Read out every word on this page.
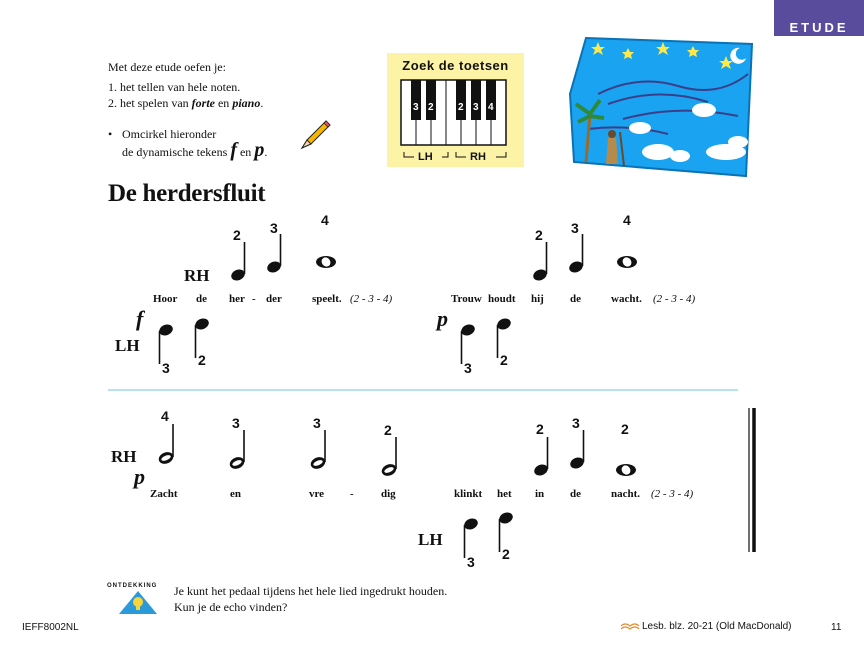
ETUDE
Met deze etude oefen je:
1. het tellen van hele noten.
2. het spelen van forte en piano.
• Omcirkel hieronder
de dynamische tekens f en p.
Zoek de toetsen
3 2 2 3 4
LH	RH
De herdersfluit
RH
LH
f	p
2 3	4
2 3	4
3 2	3 2
Hoor de her - der	speelt. (2 - 3 - 4)	Trouw houdt hij de	wacht. (2 - 3 - 4)
RH
LH
p
4	3	3	2	2 3	2
3 2
Zacht	en	vre - dig	klinkt het in de	nacht. (2 - 3 - 4)
ONTDEKKING Je kunt het pedaal tijdens het hele lied ingedrukt houden.
Kun je de echo vinden?
IEFF8002NL	Lesb. blz. 20-21 (Old MacDonald)	11
